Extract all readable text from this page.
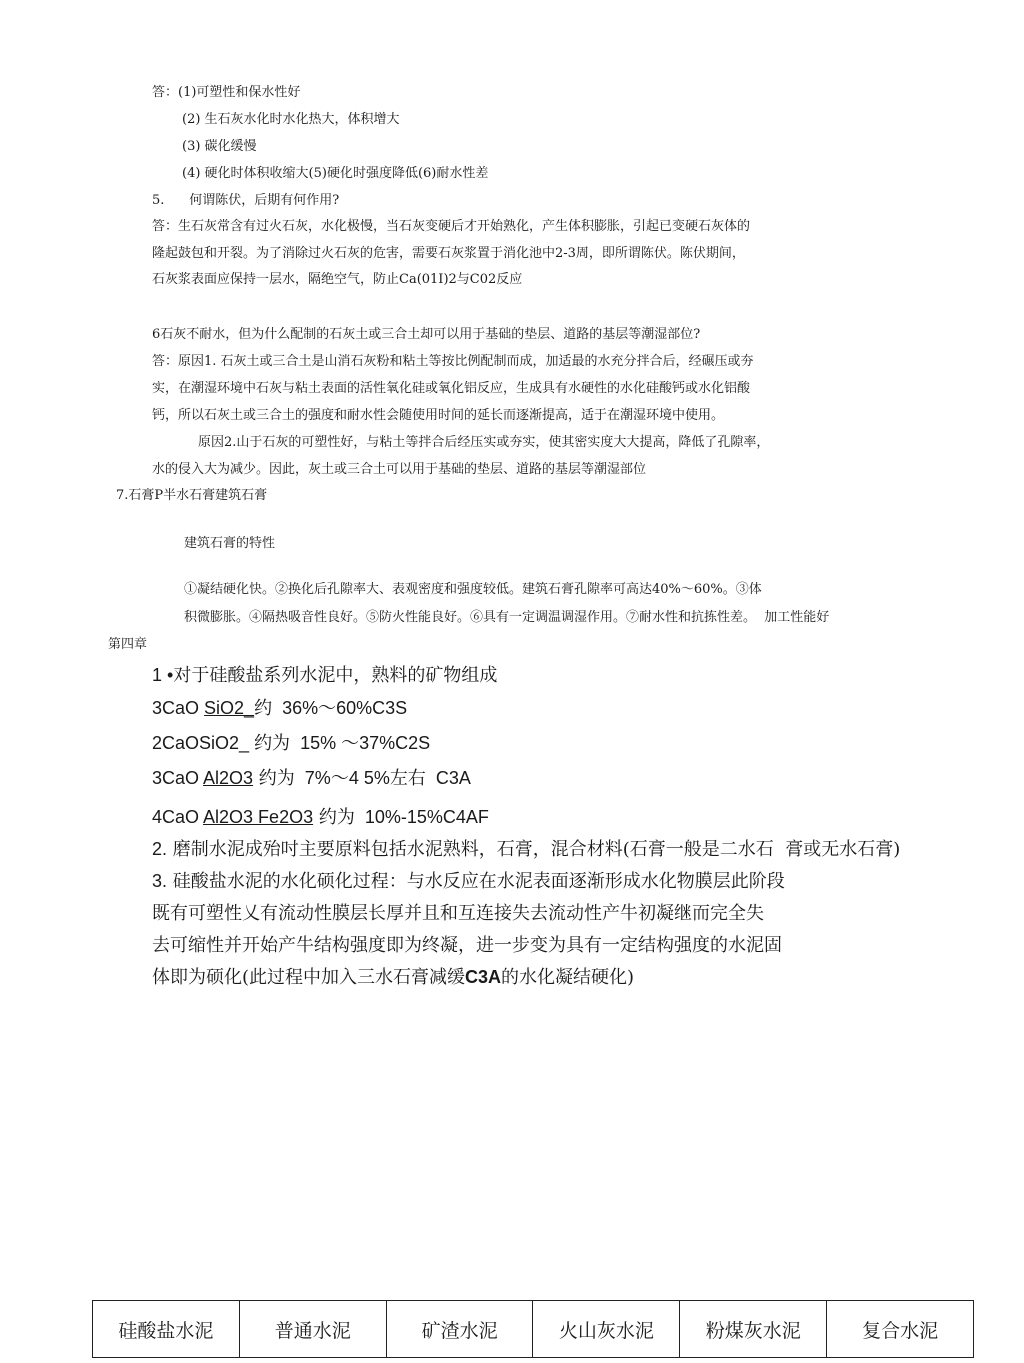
答：(1)可塑性和保水性好

(2) 生石灰水化时水化热大，体积增大

(3) 碳化缓慢

(4) 硬化时体积收缩大(5)硬化时强度降低(6)耐水性差

5.      何谓陈伏，后期有何作用?

答：生石灰常含有过火石灰，水化极慢，当石灰变硬后才开始熟化，产生体积膨胀，引起已变硬石灰体的

隆起鼓包和开裂。为了消除过火石灰的危害，需要石灰浆置于消化池中2-3周，即所谓陈伏。陈伏期间，

石灰浆表面应保持一层水，隔绝空气，防止Ca(01I)2与C02反应

6石灰不耐水，但为什么配制的石灰土或三合土却可以用于基础的垫层、道路的基层等潮湿部位?

答：原因1. 石灰土或三合土是山消石灰粉和粘土等按比例配制而成，加适最的水充分拌合后，经碾压或夯

实，在潮湿环境中石灰与粘土表面的活性氧化硅或氧化铝反应，生成具有水硬性的水化硅酸钙或水化铝酸

钙，所以石灰土或三合土的强度和耐水性会随使用时间的延长而逐渐提高，适于在潮湿环境中使用。

原因2.山于石灰的可塑性好，与粘土等拌合后经压实或夯实，使其密实度大大提高，降低了孔隙率，

水的侵入大为减少。因此，灰土或三合土可以用于基础的垫层、道路的基层等潮湿部位

7.石膏P半水石膏建筑石膏

建筑石膏的特性

①凝结硬化快。②换化后孔隙率大、表观密度和强度较低。建筑石膏孔隙率可高达40%～60%。③体

积微膨胀。④隔热吸音性良好。⑤防火性能良好。⑥具有一定调温调湿作用。⑦耐水性和抗拣性差。  加工性能好

第四章

1 •对于硅酸盐系列水泥中，熟料的矿物组成

3CaO SiO2_约  36%～60%C3S

2CaOSiO2_ 约为  15% ～37%C2S

3CaO Al2O3 约为  7%～4 5%左右  C3A

4CaO Al2O3 Fe2O3 约为  10%-15%C4AF

2. 磨制水泥成殆吋主要原料包括水泥熟料，石膏，混合材料(石膏一般是二水石  膏或无水石膏)

3. 硅酸盐水泥的水化硕化过程：与水反应在水泥表面逐渐形成水化物膜层此阶段

既有可塑性乂有流动性膜层长厚并且和互连接失去流动性产牛初凝继而完全失

去可缩性并开始产牛结构强度即为终凝，进一步变为具有一定结构强度的水泥固

体即为硕化(此过程中加入三水石膏减缓C3A的水化凝结硬化)

硅酸盐水泥	普通水泥	矿渣水泥	火山灰水泥	粉煤灰水泥	复合水泥
